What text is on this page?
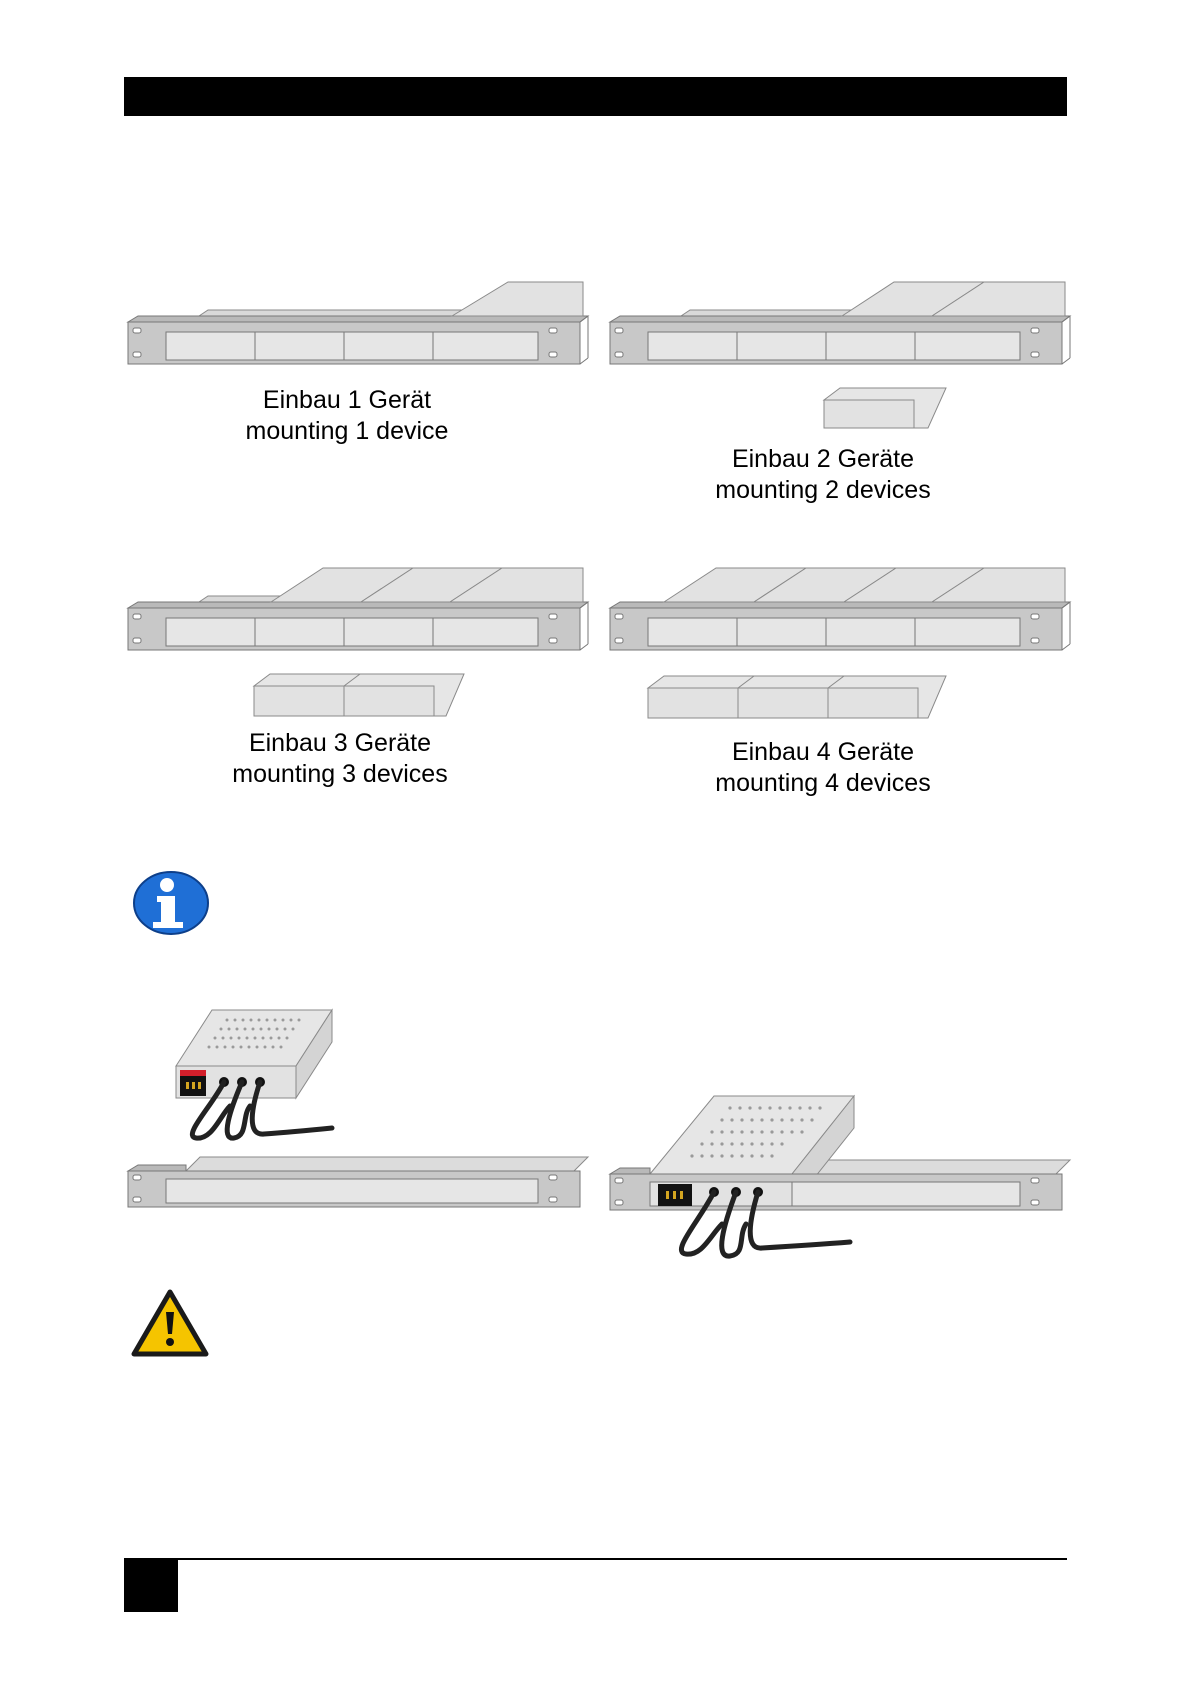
Einbau 1 Gerät
mounting 1 device
Einbau 2 Geräte
mounting 2 devices
Einbau 3 Geräte
mounting 3 devices
Einbau 4 Geräte
mounting 4 devices
